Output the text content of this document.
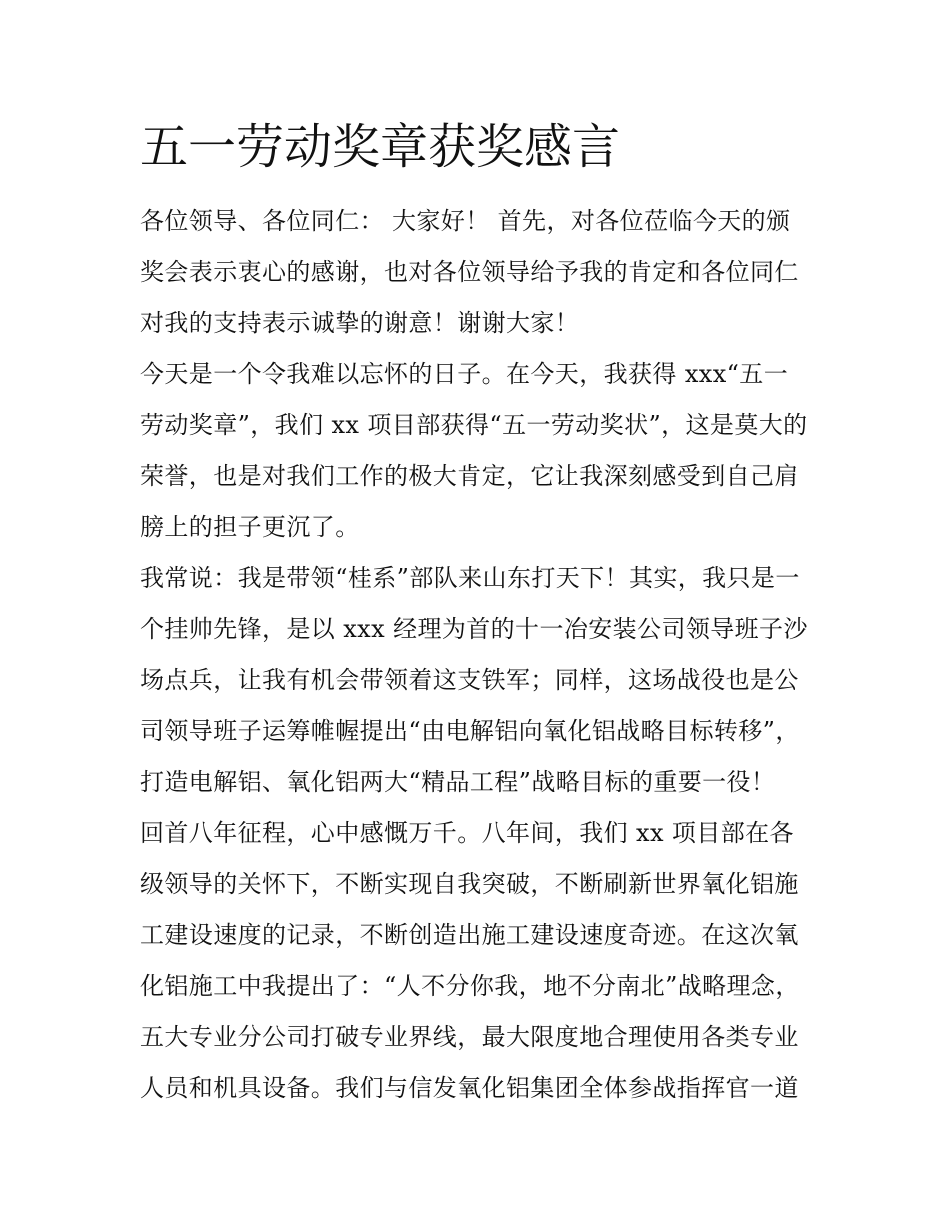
五一劳动奖章获奖感言
各位领导、各位同仁： 大家好！ 首先，对各位莅临今天的颁
奖会表示衷心的感谢，也对各位领导给予我的肯定和各位同仁
对我的支持表示诚挚的谢意！谢谢大家！
今天是一个令我难以忘怀的日子。在今天，我获得 xxx“五一
劳动奖章”，我们 xx 项目部获得“五一劳动奖状”，这是莫大的
荣誉，也是对我们工作的极大肯定，它让我深刻感受到自己肩
膀上的担子更沉了。
我常说：我是带领“桂系”部队来山东打天下！其实，我只是一
个挂帅先锋，是以 xxx 经理为首的十一冶安装公司领导班子沙
场点兵，让我有机会带领着这支铁军；同样，这场战役也是公
司领导班子运筹帷幄提出“由电解铝向氧化铝战略目标转移”，
打造电解铝、氧化铝两大“精品工程”战略目标的重要一役！
回首八年征程，心中感慨万千。八年间，我们 xx 项目部在各
级领导的关怀下，不断实现自我突破，不断刷新世界氧化铝施
工建设速度的记录，不断创造出施工建设速度奇迹。在这次氧
化铝施工中我提出了：“人不分你我，地不分南北”战略理念，
五大专业分公司打破专业界线，最大限度地合理使用各类专业
人员和机具设备。我们与信发氧化铝集团全体参战指挥官一道
